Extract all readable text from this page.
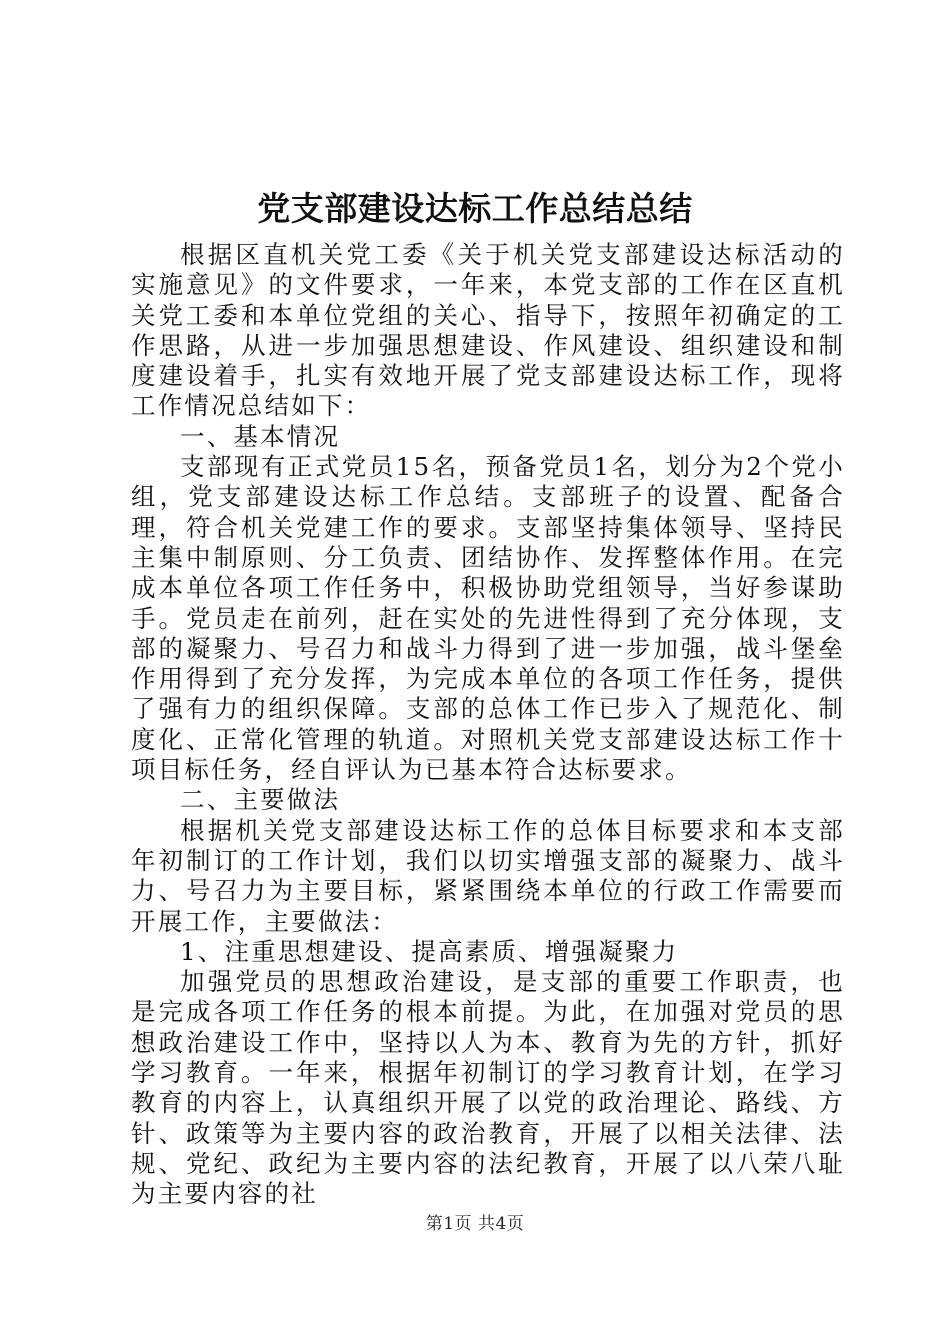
党支部建设达标工作总结总结

根据区直机关党工委《关于机关党支部建设达标活动的实施意见》的文件要求，一年来，本党支部的工作在区直机关党工委和本单位党组的关心、指导下，按照年初确定的工作思路，从进一步加强思想建设、作风建设、组织建设和制度建设着手，扎实有效地开展了党支部建设达标工作，现将工作情况总结如下：

一、基本情况

支部现有正式党员15名，预备党员1名，划分为2个党小组，党支部建设达标工作总结。支部班子的设置、配备合理，符合机关党建工作的要求。支部坚持集体领导、坚持民主集中制原则、分工负责、团结协作、发挥整体作用。在完成本单位各项工作任务中，积极协助党组领导，当好参谋助手。党员走在前列，赶在实处的先进性得到了充分体现，支部的凝聚力、号召力和战斗力得到了进一步加强，战斗堡垒作用得到了充分发挥，为完成本单位的各项工作任务，提供了强有力的组织保障。支部的总体工作已步入了规范化、制度化、正常化管理的轨道。对照机关党支部建设达标工作十项目标任务，经自评认为已基本符合达标要求。

二、主要做法

根据机关党支部建设达标工作的总体目标要求和本支部年初制订的工作计划，我们以切实增强支部的凝聚力、战斗力、号召力为主要目标，紧紧围绕本单位的行政工作需要而开展工作，主要做法：

1、注重思想建设、提高素质、增强凝聚力

加强党员的思想政治建设，是支部的重要工作职责，也是完成各项工作任务的根本前提。为此，在加强对党员的思想政治建设工作中，坚持以人为本、教育为先的方针，抓好学习教育。一年来，根据年初制订的学习教育计划，在学习教育的内容上，认真组织开展了以党的政治理论、路线、方针、政策等为主要内容的政治教育，开展了以相关法律、法规、党纪、政纪为主要内容的法纪教育，开展了以八荣八耻为主要内容的社

第1页 共4页
